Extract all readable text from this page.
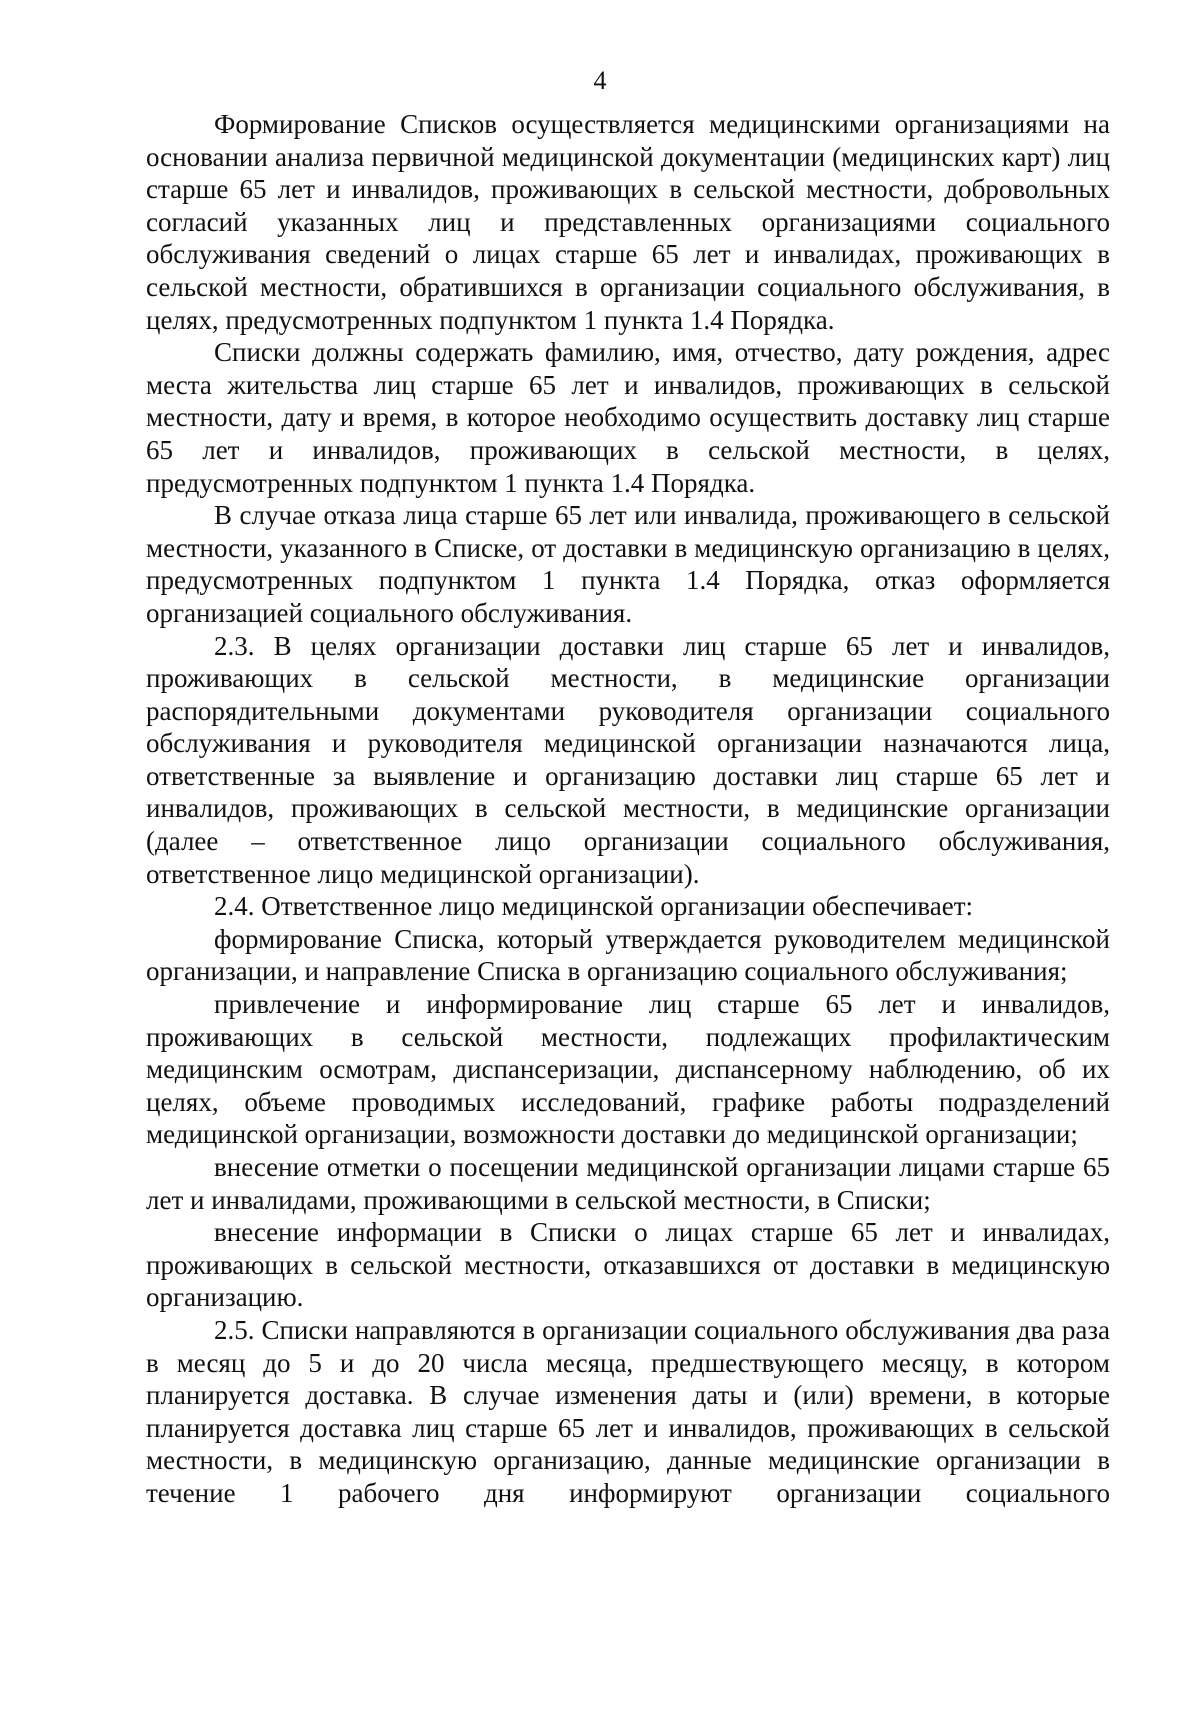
4

Формирование Списков осуществляется медицинскими организациями на основании анализа первичной медицинской документации (медицинских карт) лиц старше 65 лет и инвалидов, проживающих в сельской местности, добровольных согласий указанных лиц и представленных организациями социального обслуживания сведений о лицах старше 65 лет и инвалидах, проживающих в сельской местности, обратившихся в организации социального обслуживания, в целях, предусмотренных подпунктом 1 пункта 1.4 Порядка.

Списки должны содержать фамилию, имя, отчество, дату рождения, адрес места жительства лиц старше 65 лет и инвалидов, проживающих в сельской местности, дату и время, в которое необходимо осуществить доставку лиц старше 65 лет и инвалидов, проживающих в сельской местности, в целях, предусмотренных подпунктом 1 пункта 1.4 Порядка.

В случае отказа лица старше 65 лет или инвалида, проживающего в сельской местности, указанного в Списке, от доставки в медицинскую организацию в целях, предусмотренных подпунктом 1 пункта 1.4 Порядка, отказ оформляется организацией социального обслуживания.

2.3. В целях организации доставки лиц старше 65 лет и инвалидов, проживающих в сельской местности, в медицинские организации распорядительными документами руководителя организации социального обслуживания и руководителя медицинской организации назначаются лица, ответственные за выявление и организацию доставки лиц старше 65 лет и инвалидов, проживающих в сельской местности, в медицинские организации (далее – ответственное лицо организации социального обслуживания, ответственное лицо медицинской организации).

2.4. Ответственное лицо медицинской организации обеспечивает:

формирование Списка, который утверждается руководителем медицинской организации, и направление Списка в организацию социального обслуживания;

привлечение и информирование лиц старше 65 лет и инвалидов, проживающих в сельской местности, подлежащих профилактическим медицинским осмотрам, диспансеризации, диспансерному наблюдению, об их целях, объеме проводимых исследований, графике работы подразделений медицинской организации, возможности доставки до медицинской организации;

внесение отметки о посещении медицинской организации лицами старше 65 лет и инвалидами, проживающими в сельской местности, в Списки;

внесение информации в Списки о лицах старше 65 лет и инвалидах, проживающих в сельской местности, отказавшихся от доставки в медицинскую организацию.

2.5. Списки направляются в организации социального обслуживания два раза в месяц до 5 и до 20 числа месяца, предшествующего месяцу, в котором планируется доставка. В случае изменения даты и (или) времени, в которые планируется доставка лиц старше 65 лет и инвалидов, проживающих в сельской местности, в медицинскую организацию, данные медицинские организации в течение 1 рабочего дня информируют организации социального
